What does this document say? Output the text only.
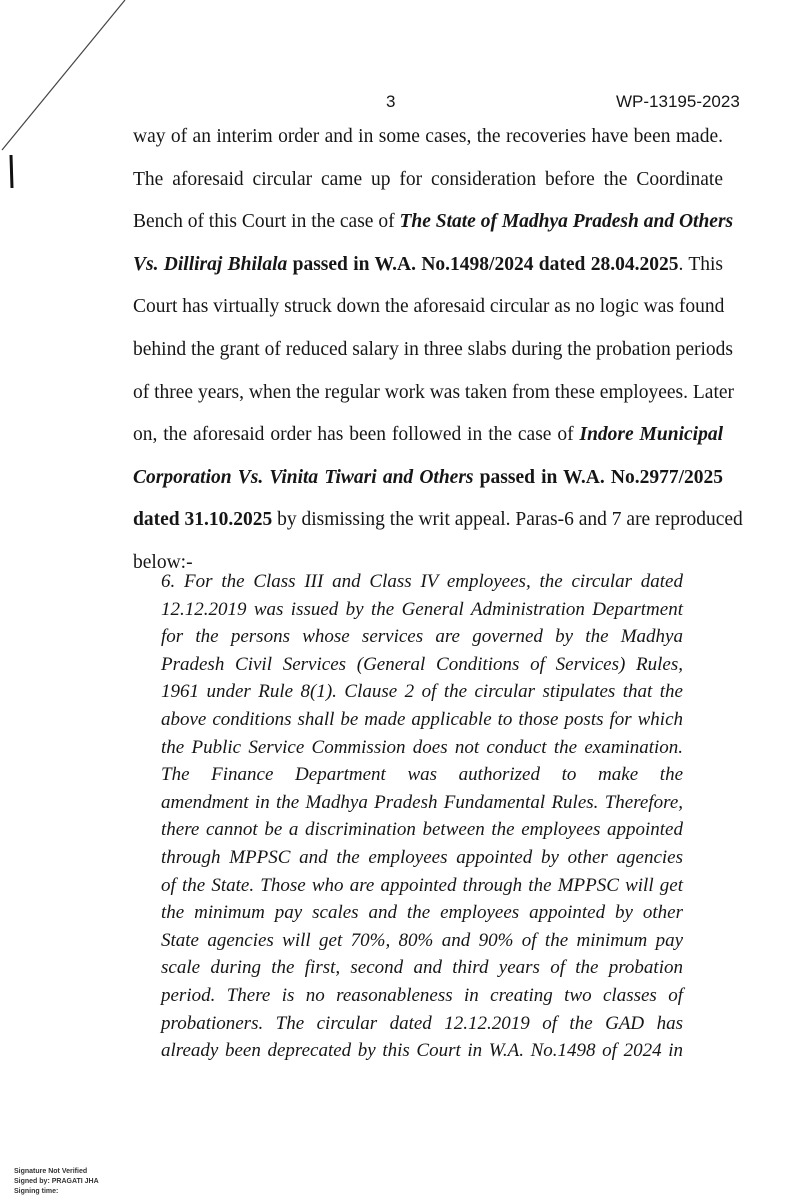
3	WP-13195-2023
way of an interim order and in some cases, the recoveries have been made.
The aforesaid circular came up for consideration before the Coordinate
Bench of this Court in the case of The State of Madhya Pradesh and Others
Vs. Dilliraj Bhilala passed in W.A. No.1498/2024 dated 28.04.2025. This
Court has virtually struck down the aforesaid circular as no logic was found
behind the grant of reduced salary in three slabs during the probation periods
of three years, when the regular work was taken from these employees. Later
on, the aforesaid order has been followed in the case of Indore Municipal
Corporation Vs. Vinita Tiwari and Others passed in W.A. No.2977/2025
dated 31.10.2025 by dismissing the writ appeal. Paras-6 and 7 are reproduced
below:-
6. For the Class III and Class IV employees, the circular dated
12.12.2019 was issued by the General Administration Department
for the persons whose services are governed by the Madhya
Pradesh Civil Services (General Conditions of Services) Rules,
1961 under Rule 8(1). Clause 2 of the circular stipulates that the
above conditions shall be made applicable to those posts for which
the Public Service Commission does not conduct the examination.
The Finance Department was authorized to make the
amendment in the Madhya Pradesh Fundamental Rules. Therefore,
there cannot be a discrimination between the employees appointed
through MPPSC and the employees appointed by other agencies
of the State. Those who are appointed through the MPPSC will get
the minimum pay scales and the employees appointed by other
State agencies will get 70%, 80% and 90% of the minimum pay
scale during the first, second and third years of the probation
period. There is no reasonableness in creating two classes of
probationers. The circular dated 12.12.2019 of the GAD has
already been deprecated by this Court in W.A. No.1498 of 2024 in
Signature Not Verified
Signed by: PRAGATI JHA
Signing time:
